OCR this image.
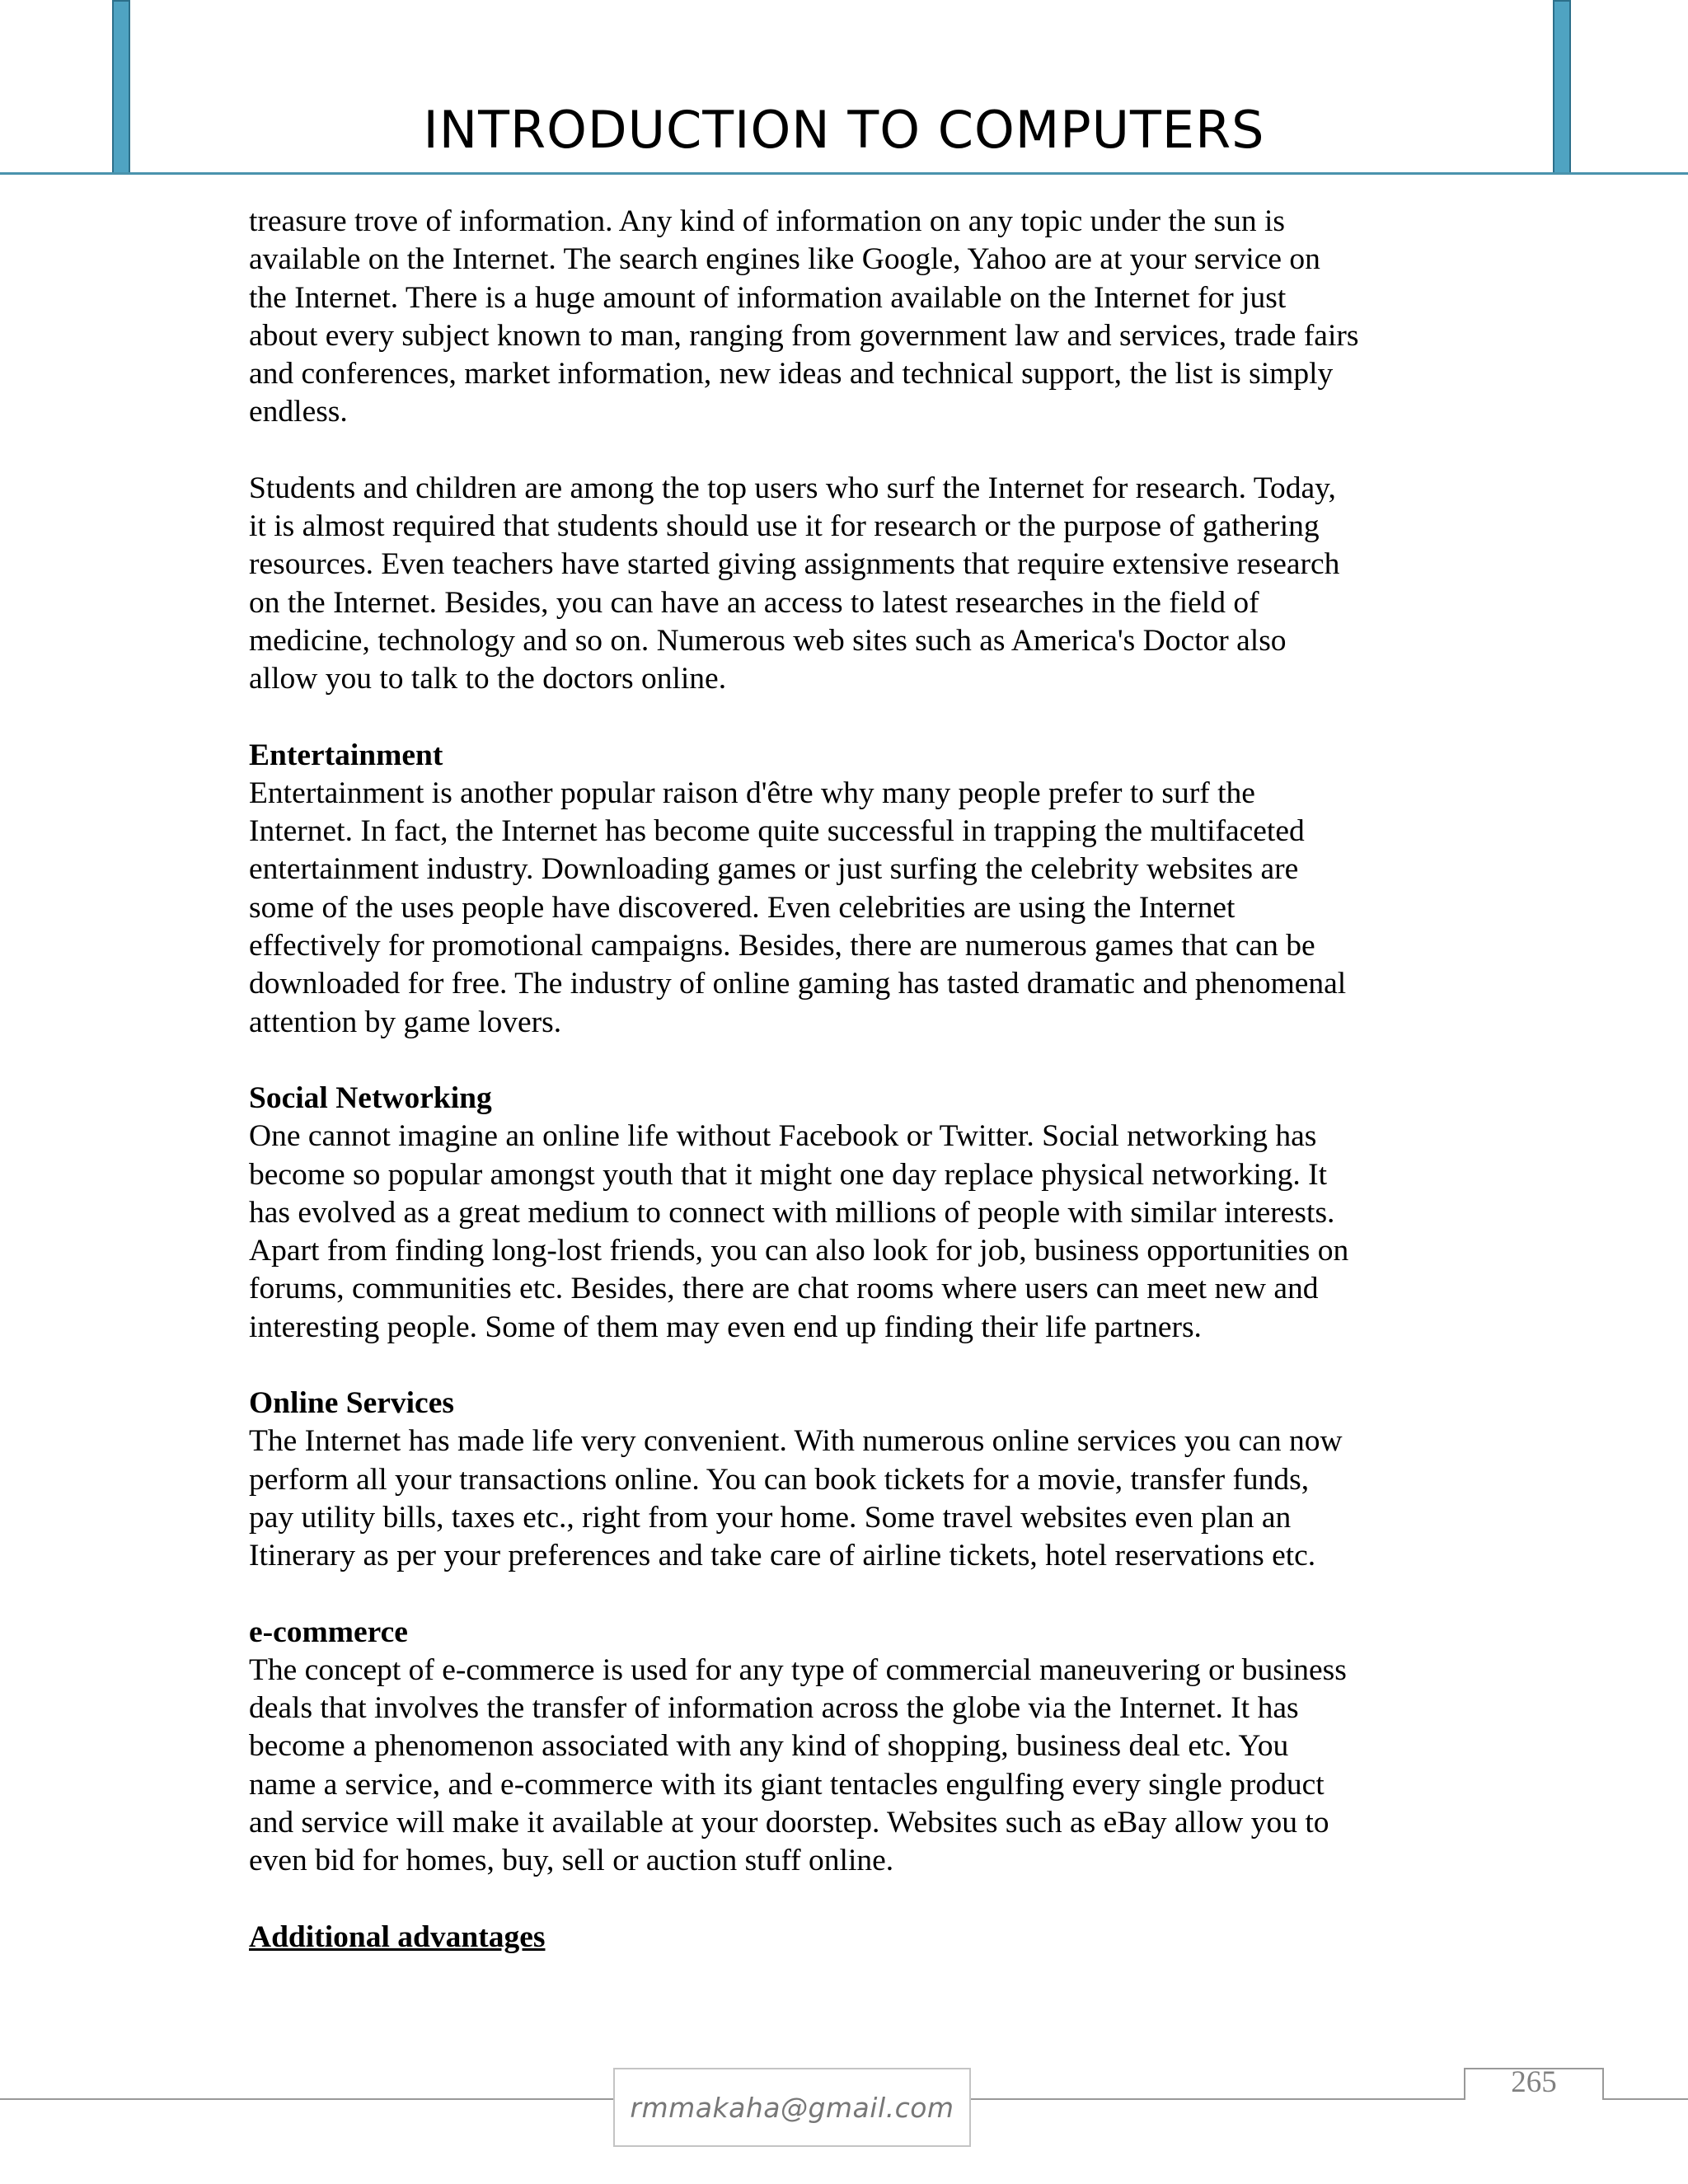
INTRODUCTION TO COMPUTERS
treasure trove of information. Any kind of information on any topic under the sun is
available on the Internet. The search engines like Google, Yahoo are at your service on
the Internet. There is a huge amount of information available on the Internet for just
about every subject known to man, ranging from government law and services, trade fairs
and conferences, market information, new ideas and technical support, the list is simply
endless.
Students and children are among the top users who surf the Internet for research. Today,
it is almost required that students should use it for research or the purpose of gathering
resources. Even teachers have started giving assignments that require extensive research
on the Internet. Besides, you can have an access to latest researches in the field of
medicine, technology and so on. Numerous web sites such as America's Doctor also
allow you to talk to the doctors online.
Entertainment
Entertainment is another popular raison d'être why many people prefer to surf the
Internet. In fact, the Internet has become quite successful in trapping the multifaceted
entertainment industry. Downloading games or just surfing the celebrity websites are
some of the uses people have discovered. Even celebrities are using the Internet
effectively for promotional campaigns. Besides, there are numerous games that can be
downloaded for free. The industry of online gaming has tasted dramatic and phenomenal
attention by game lovers.
Social Networking
One cannot imagine an online life without Facebook or Twitter. Social networking has
become so popular amongst youth that it might one day replace physical networking. It
has evolved as a great medium to connect with millions of people with similar interests.
Apart from finding long-lost friends, you can also look for job, business opportunities on
forums, communities etc. Besides, there are chat rooms where users can meet new and
interesting people. Some of them may even end up finding their life partners.
Online Services
The Internet has made life very convenient. With numerous online services you can now
perform all your transactions online. You can book tickets for a movie, transfer funds,
pay utility bills, taxes etc., right from your home. Some travel websites even plan an
Itinerary as per your preferences and take care of airline tickets, hotel reservations etc.
e-commerce
The concept of e-commerce is used for any type of commercial maneuvering or business
deals that involves the transfer of information across the globe via the Internet. It has
become a phenomenon associated with any kind of shopping, business deal etc. You
name a service, and e-commerce with its giant tentacles engulfing every single product
and service will make it available at your doorstep. Websites such as eBay allow you to
even bid for homes, buy, sell or auction stuff online.
Additional advantages
rmmakaha@gmail.com
265
